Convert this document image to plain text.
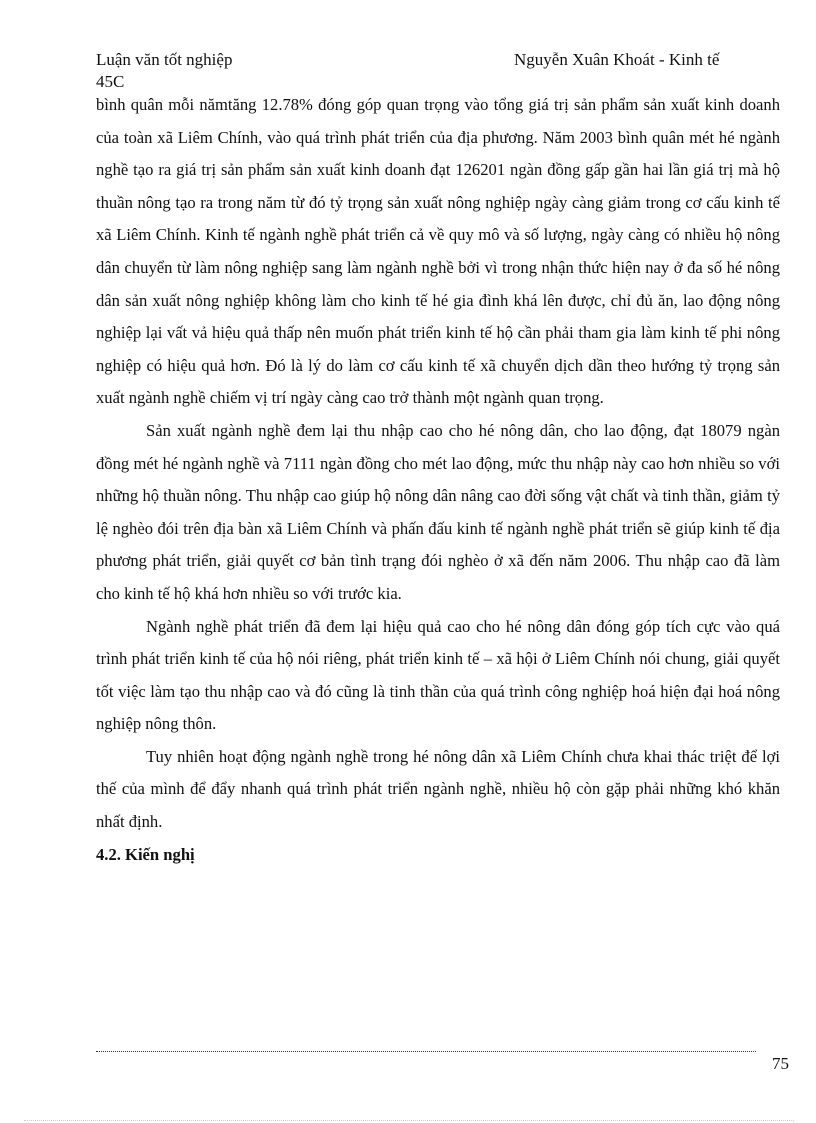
Luận văn tốt nghiệp	Nguyễn Xuân Khoát - Kinh tế
45C

bình quân mỗi nămtăng 12.78% đóng góp quan trọng vào tổng giá trị sản phẩm sản xuất kinh doanh của toàn xã Liêm Chính, vào quá trình phát triển của địa phương. Năm 2003 bình quân mét hé ngành nghề tạo ra giá trị sản phẩm sản xuất kinh doanh đạt 126201 ngàn đồng gấp gần hai lần giá trị mà hộ thuần nông tạo ra trong năm từ đó tỷ trọng sản xuất nông nghiệp ngày càng giảm trong cơ cấu kinh tế xã Liêm Chính. Kinh tế ngành nghề phát triển cả về quy mô và số lượng, ngày càng có nhiều hộ nông dân chuyển từ làm nông nghiệp sang làm ngành nghề bởi vì trong nhận thức hiện nay ở đa số hé nông dân sản xuất nông nghiệp không làm cho kinh tế hé gia đình khá lên được, chỉ đủ ăn, lao động nông nghiệp lại vất vả hiệu quả thấp nên muốn phát triển kinh tế hộ cần phải tham gia làm kinh tế phi nông nghiệp có hiệu quả hơn. Đó là lý do làm cơ cấu kinh tế xã chuyển dịch dần theo hướng tỷ trọng sản xuất ngành nghề chiếm vị trí ngày càng cao trở thành một ngành quan trọng.

Sản xuất ngành nghề đem lại thu nhập cao cho hé nông dân, cho lao động, đạt 18079 ngàn đồng mét hé ngành nghề và 7111 ngàn đồng cho mét lao động, mức thu nhập này cao hơn nhiều so với những hộ thuần nông. Thu nhập cao giúp hộ nông dân nâng cao đời sống vật chất và tinh thần, giảm tỷ lệ nghèo đói trên địa bàn xã Liêm Chính và phấn đấu kinh tế ngành nghề phát triển sẽ giúp kinh tế địa phương phát triển, giải quyết cơ bản tình trạng đói nghèo ở xã đến năm 2006. Thu nhập cao đã làm cho kinh tế hộ khá hơn nhiều so với trước kia.

Ngành nghề phát triển đã đem lại hiệu quả cao cho hé nông dân đóng góp tích cực vào quá trình phát triển kinh tế của hộ nói riêng, phát triển kinh tế – xã hội ở Liêm Chính nói chung, giải quyết tốt việc làm tạo thu nhập cao và đó cũng là tinh thần của quá trình công nghiệp hoá hiện đại hoá nông nghiệp nông thôn.

Tuy nhiên hoạt động ngành nghề trong hé nông dân xã Liêm Chính chưa khai thác triệt để lợi thế của mình để đẩy nhanh quá trình phát triển ngành nghề, nhiều hộ còn gặp phải những khó khăn nhất định.

4.2. Kiến nghị

75
